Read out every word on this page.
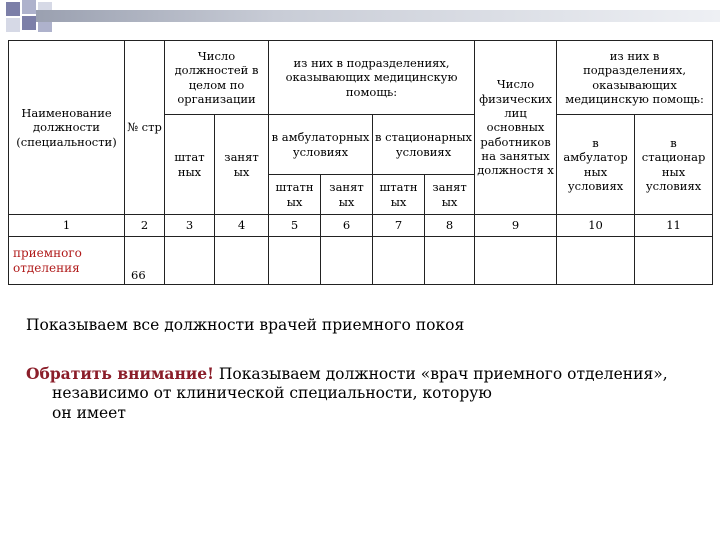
Наименование должности (специальности)	№ стр	Число должностей в целом по организации		из них в подразделениях, оказывающих медицинскую помощь:				Число физических лиц основных работников на занятых должностя х	из них в подразделениях, оказывающих медицинскую помощь:	
		штат ных	занят ых	в амбулаторных условиях		в стационарных условиях			в амбулатор ных условиях	в стационар ных условиях
				штатн ых	занят ых	штатн ых	занят ых			
1	2	3	4	5	6	7	8	9	10	11
приемного отделения	66									
Показываем все должности врачей приемного покоя
Обратить внимание! Показываем должности «врач приемного отделения»,
независимо от клинической специальности, которую
он имеет
